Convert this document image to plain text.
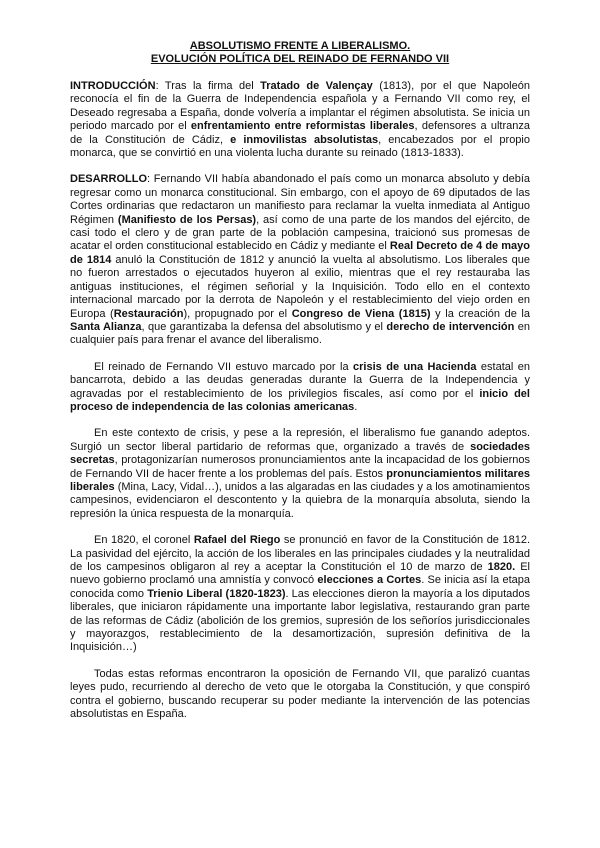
ABSOLUTISMO FRENTE A LIBERALISMO.
EVOLUCIÓN POLÍTICA DEL REINADO DE FERNANDO VII

INTRODUCCIÓN: Tras la firma del Tratado de Valençay (1813), por el que Napoleón reconocía el fin de la Guerra de Independencia española y a Fernando VII como rey, el Deseado regresaba a España, donde volvería a implantar el régimen absolutista. Se inicia un periodo marcado por el enfrentamiento entre reformistas liberales, defensores a ultranza de la Constitución de Cádiz, e inmovilistas absolutistas, encabezados por el propio monarca, que se convirtió en una violenta lucha durante su reinado (1813-1833).

DESARROLLO: Fernando VII había abandonado el país como un monarca absoluto y debía regresar como un monarca constitucional. Sin embargo, con el apoyo de 69 diputados de las Cortes ordinarias que redactaron un manifiesto para reclamar la vuelta inmediata al Antiguo Régimen (Manifiesto de los Persas), así como de una parte de los mandos del ejército, de casi todo el clero y de gran parte de la población campesina, traicionó sus promesas de acatar el orden constitucional establecido en Cádiz y mediante el Real Decreto de 4 de mayo de 1814 anuló la Constitución de 1812 y anunció la vuelta al absolutismo. Los liberales que no fueron arrestados o ejecutados huyeron al exilio, mientras que el rey restauraba las antiguas instituciones, el régimen señorial y la Inquisición. Todo ello en el contexto internacional marcado por la derrota de Napoleón y el restablecimiento del viejo orden en Europa (Restauración), propugnado por el Congreso de Viena (1815) y la creación de la Santa Alianza, que garantizaba la defensa del absolutismo y el derecho de intervención en cualquier país para frenar el avance del liberalismo.

El reinado de Fernando VII estuvo marcado por la crisis de una Hacienda estatal en bancarrota, debido a las deudas generadas durante la Guerra de la Independencia y agravadas por el restablecimiento de los privilegios fiscales, así como por el inicio del proceso de independencia de las colonias americanas.

En este contexto de crisis, y pese a la represión, el liberalismo fue ganando adeptos. Surgió un sector liberal partidario de reformas que, organizado a través de sociedades secretas, protagonizarían numerosos pronunciamientos ante la incapacidad de los gobiernos de Fernando VII de hacer frente a los problemas del país. Estos pronunciamientos militares liberales (Mina, Lacy, Vidal…), unidos a las algaradas en las ciudades y a los amotinamientos campesinos, evidenciaron el descontento y la quiebra de la monarquía absoluta, siendo la represión la única respuesta de la monarquía.

En 1820, el coronel Rafael del Riego se pronunció en favor de la Constitución de 1812. La pasividad del ejército, la acción de los liberales en las principales ciudades y la neutralidad de los campesinos obligaron al rey a aceptar la Constitución el 10 de marzo de 1820. El nuevo gobierno proclamó una amnistía y convocó elecciones a Cortes. Se inicia así la etapa conocida como Trienio Liberal (1820-1823). Las elecciones dieron la mayoría a los diputados liberales, que iniciaron rápidamente una importante labor legislativa, restaurando gran parte de las reformas de Cádiz (abolición de los gremios, supresión de los señoríos jurisdiccionales y mayorazgos, restablecimiento de la desamortización, supresión definitiva de la Inquisición…)

Todas estas reformas encontraron la oposición de Fernando VII, que paralizó cuantas leyes pudo, recurriendo al derecho de veto que le otorgaba la Constitución, y que conspiró contra el gobierno, buscando recuperar su poder mediante la intervención de las potencias absolutistas en España.
